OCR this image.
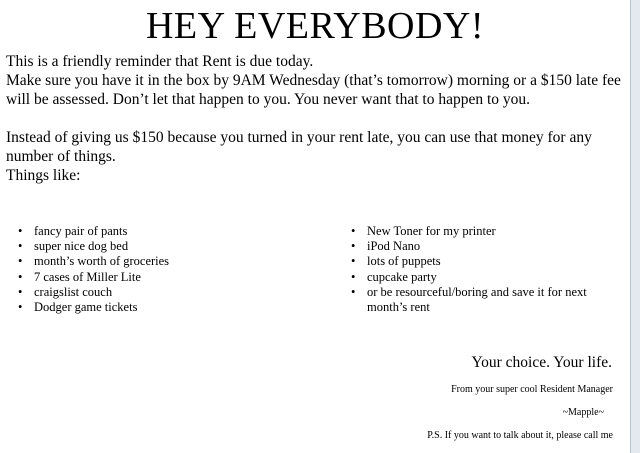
HEY EVERYBODY!

This is a friendly reminder that Rent is due today.

Make sure you have it in the box by 9AM Wednesday (that’s tomorrow) morning or a $150 late fee will be assessed. Don’t let that happen to you. You never want that to happen to you.

Instead of giving us $150 because you turned in your rent late, you can use that money for any number of things.

Things like:

• fancy pair of pants
• super nice dog bed
• month’s worth of groceries
• 7 cases of Miller Lite
• craigslist couch
• Dodger game tickets
• New Toner for my printer
• iPod Nano
• lots of puppets
• cupcake party
• or be resourceful/boring and save it for next month’s rent
Your choice. Your life.
From your super cool Resident Manager
~Mapple~
P.S. If you want to talk about it, please call me
